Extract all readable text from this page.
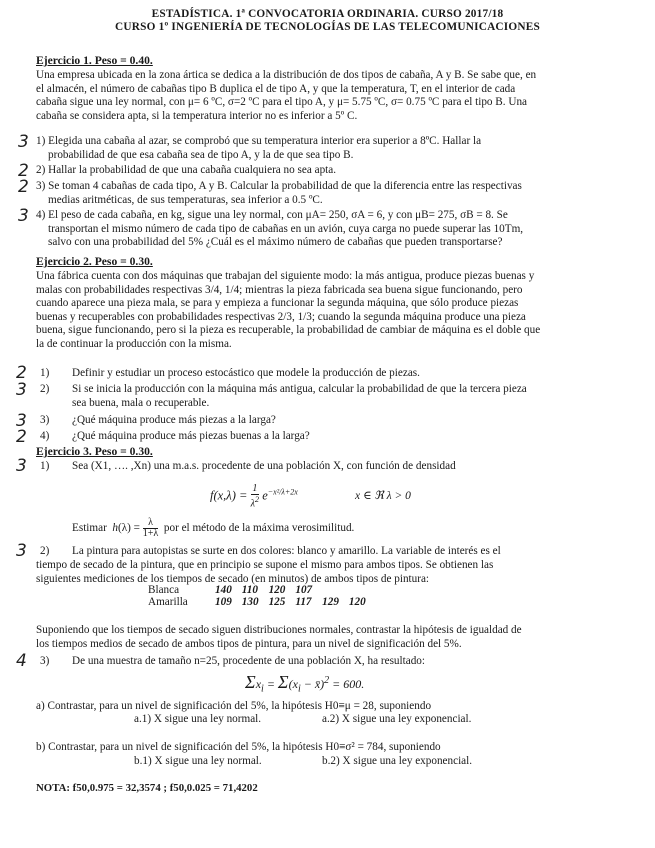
ESTADÍSTICA. 1ª CONVOCATORIA ORDINARIA. CURSO 2017/18
CURSO 1º INGENIERÍA DE TECNOLOGÍAS DE LAS TELECOMUNICACIONES
Ejercicio 1. Peso = 0.40.
Una empresa ubicada en la zona ártica se dedica a la distribución de dos tipos de cabaña, A y B. Se sabe que, en
el almacén, el número de cabañas tipo B duplica el de tipo A, y que la temperatura, T, en el interior de cada
cabaña sigue una ley normal, con μ= 6 ºC, σ=2 ºC para el tipo A, y μ= 5.75 ºC, σ= 0.75 ºC para el tipo B. Una
cabaña se considera apta, si la temperatura interior no es inferior a 5º C.
3 1) Elegida una cabaña al azar, se comprobó que su temperatura interior era superior a 8ºC. Hallar la
probabilidad de que esa cabaña sea de tipo A, y la de que sea tipo B.
2 2) Hallar la probabilidad de que una cabaña cualquiera no sea apta.
2 3) Se toman 4 cabañas de cada tipo, A y B. Calcular la probabilidad de que la diferencia entre las respectivas
medias aritméticas, de sus temperaturas, sea inferior a 0.5 ºC.
3 4) El peso de cada cabaña, en kg, sigue una ley normal, con μA= 250, σA = 6, y con μB= 275, σB = 8. Se
transportan el mismo número de cada tipo de cabañas en un avión, cuya carga no puede superar las 10Tm,
salvo con una probabilidad del 5% ¿Cuál es el máximo número de cabañas que pueden transportarse?
Ejercicio 2. Peso = 0.30.
Una fábrica cuenta con dos máquinas que trabajan del siguiente modo: la más antigua, produce piezas buenas y
malas con probabilidades respectivas 3/4, 1/4; mientras la pieza fabricada sea buena sigue funcionando, pero
cuando aparece una pieza mala, se para y empieza a funcionar la segunda máquina, que sólo produce piezas
buenas y recuperables con probabilidades respectivas 2/3, 1/3; cuando la segunda máquina produce una pieza
buena, sigue funcionando, pero si la pieza es recuperable, la probabilidad de cambiar de máquina es el doble que
la de continuar la producción con la misma.
2 1) Definir y estudiar un proceso estocástico que modele la producción de piezas.
3 2) Si se inicia la producción con la máquina más antigua, calcular la probabilidad de que la tercera pieza
sea buena, mala o recuperable.
3 3) ¿Qué máquina produce más piezas a la larga?
2 4) ¿Qué máquina produce más piezas buenas a la larga?
Ejercicio 3. Peso = 0.30.
3 1) Sea (X1, …. ,Xn) una m.a.s. procedente de una población X, con función de densidad
$f(x,\lambda) = \frac{1}{\lambda^2} e^{-x^2/\lambda+2x}$	x ∈ ℜ λ > 0
Estimar  $h(\lambda) = \frac{\lambda}{1+\lambda}$ por el método de la máxima verosimilitud.
3 2) La pintura para autopistas se surte en dos colores: blanco y amarillo. La variable de interés es el
tiempo de secado de la pintura, que en principio se supone el mismo para ambos tipos. Se obtienen las
siguientes mediciones de los tiempos de secado (en minutos) de ambos tipos de pintura:
Blanca	140	110	120	107		
Amarilla	109	130	125	117	129	120
Suponiendo que los tiempos de secado siguen distribuciones normales, contrastar la hipótesis de igualdad de
los tiempos medios de secado de ambos tipos de pintura, para un nivel de significación del 5%.
4 3) De una muestra de tamaño n=25, procedente de una población X, ha resultado:
$\Sigma x_i = \Sigma(x_i$ − x̄)$^2$ = 600.
a) Contrastar, para un nivel de significación del 5%, la hipótesis H0≡μ = 28, suponiendo
a.1) X sigue una ley normal.	a.2) X sigue una ley exponencial.
b) Contrastar, para un nivel de significación del 5%, la hipótesis H0≡σ² = 784, suponiendo
b.1) X sigue una ley normal.	b.2) X sigue una ley exponencial.
NOTA: f50,0.975 = 32,3574 ; f50,0.025 = 71,4202
